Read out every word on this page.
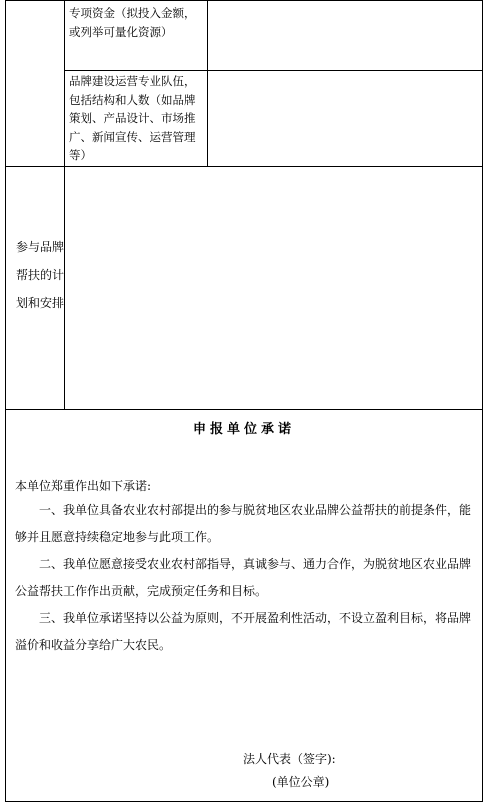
专项资金（拟投入金额，或列举可量化资源）
品牌建设运营专业队伍，包括结构和人数（如品牌策划、产品设计、市场推广、新闻宣传、运营管理等）
参与品牌帮扶的计划和安排
申报单位承诺
本单位郑重作出如下承诺:
一、我单位具备农业农村部提出的参与脱贫地区农业品牌公益帮扶的前提条件，能够并且愿意持续稳定地参与此项工作。
二、我单位愿意接受农业农村部指导，真诚参与、通力合作，为脱贫地区农业品牌公益帮扶工作作出贡献，完成预定任务和目标。
三、我单位承诺坚持以公益为原则，不开展盈利性活动，不设立盈利目标，将品牌溢价和收益分享给广大农民。
法人代表（签字):
(单位公章)
